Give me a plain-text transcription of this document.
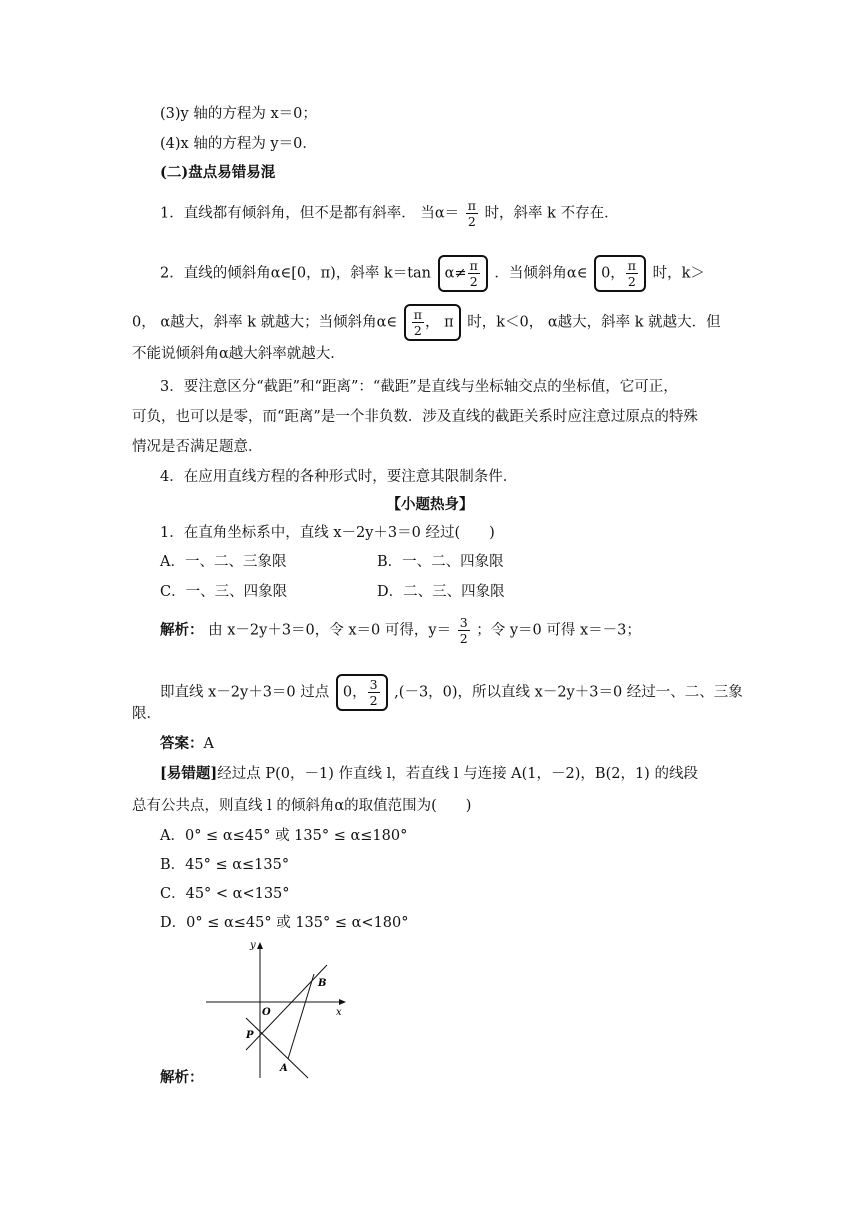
(3)y 轴的方程为 x＝0；
(4)x 轴的方程为 y＝0．
(二)盘点易错易混
1．直线都有倾斜角，但不是都有斜率． 当$\alpha= \frac{\pi}{2}$ 时，斜率 k 不存在．
2．直线的倾斜角α∈[0，π)，斜率 k＝tan $\alpha\ne \frac{\pi}{2}$ ．当倾斜角α∈ 0， $\frac{\pi}{2}$ 时，k＞
0， α越大，斜率 k 就越大；当倾斜角α∈ $\frac{\pi}{2}$ ， π 时，k＜0， α越大，斜率 k 就越大．但
不能说倾斜角α越大斜率就越大．
3．要注意区分“截距”和“距离”：“截距”是直线与坐标轴交点的坐标值，它可正，
可负，也可以是零，而“距离”是一个非负数．涉及直线的截距关系时应注意过原点的特殊
情况是否满足题意．
4．在应用直线方程的各种形式时，要注意其限制条件．
【小题热身】
1．在直角坐标系中，直线 x－2y＋3＝0 经过(　　)
A．一、二、三象限	B．一、二、四象限
C．一、三、四象限	D．二、三、四象限
解析： 由 x－2y＋3＝0，令 x＝0 可得，$y= \frac{3}{2}$ ；令 y＝0 可得 x＝－3；
即直线 x－2y＋3＝0 过点 0， $\frac{3}{2} ,(-3$，0)，所以直线 x－2y＋3＝0 经过一、二、三象
限．
答案：A
[易错题]经过点 P(0，－1) 作直线 l，若直线 l 与连接 A(1，－2)，B(2，1) 的线段
总有公共点，则直线 l 的倾斜角α的取值范围为(　　)
A．0° ≤ α≤45° 或 135° ≤ α≤180°
B．45° ≤ α≤135°
C．45° < α<135°
D．0° ≤ α≤45° 或 135° ≤ α<180°
解析：
y
x
O
P
A
B
